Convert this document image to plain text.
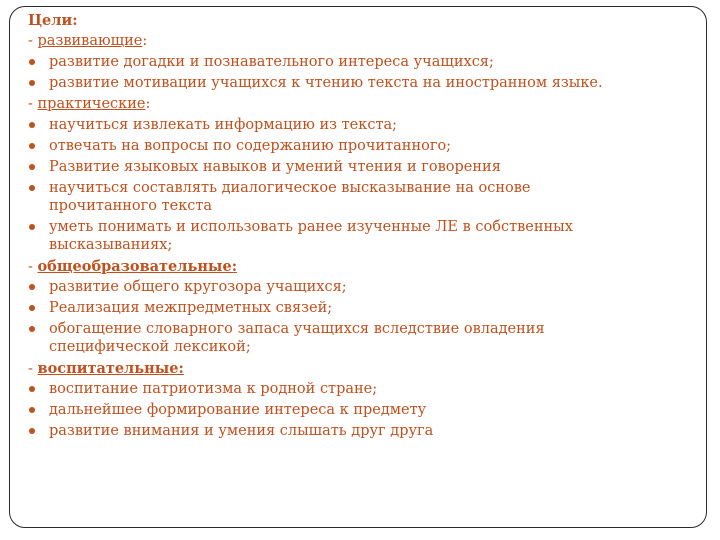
Цели:

- развивающие:

развитие догадки и познавательного интереса учащихся;
развитие мотивации учащихся к чтению текста на иностранном языке.

- практические:

научиться извлекать информацию из текста;
отвечать на вопросы по содержанию прочитанного;
Развитие языковых навыков и умений чтения и говорения
научиться составлять диалогическое высказывание на основе
прочитанного текста
уметь понимать и использовать ранее изученные ЛЕ в собственных
высказываниях;

- общеобразовательные:

развитие общего кругозора учащихся;
Реализация межпредметных связей;
обогащение словарного запаса учащихся вследствие овладения
специфической лексикой;

- воспитательные:

воспитание патриотизма к родной стране;
дальнейшее формирование интереса к предмету
развитие внимания и умения слышать друг друга
